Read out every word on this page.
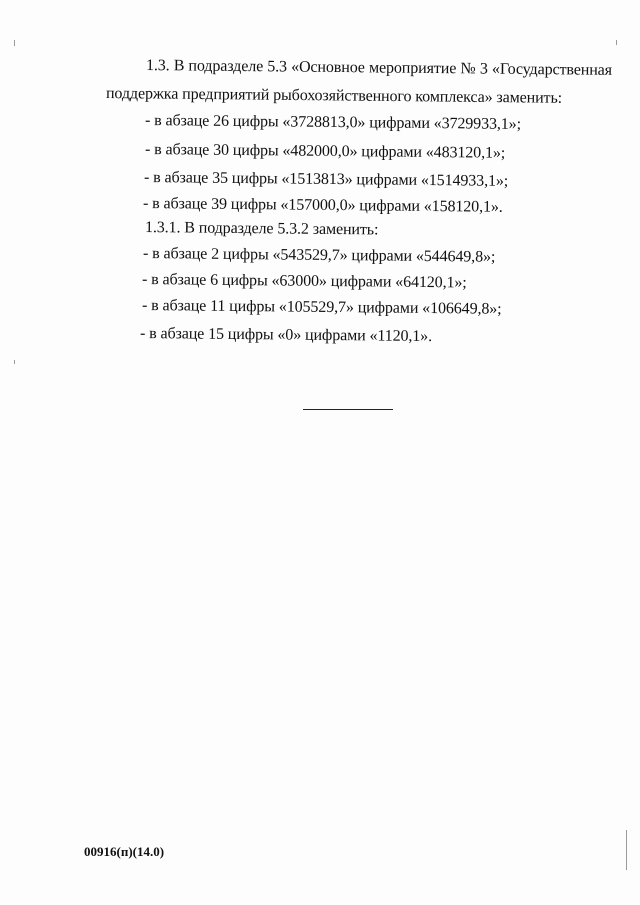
1.3. В подразделе 5.3 «Основное мероприятие № 3 «Государственная
поддержка предприятий рыбохозяйственного комплекса» заменить:
- в абзаце 26 цифры «3728813,0» цифрами «3729933,1»;
- в абзаце 30 цифры «482000,0» цифрами «483120,1»;
- в абзаце 35 цифры «1513813» цифрами «1514933,1»;
- в абзаце 39 цифры «157000,0» цифрами «158120,1».
1.3.1. В подразделе 5.3.2 заменить:
- в абзаце 2 цифры «543529,7» цифрами «544649,8»;
- в абзаце 6 цифры «63000» цифрами «64120,1»;
- в абзаце 11 цифры «105529,7» цифрами «106649,8»;
- в абзаце 15 цифры «0» цифрами «1120,1».
00916(п)(14.0)
